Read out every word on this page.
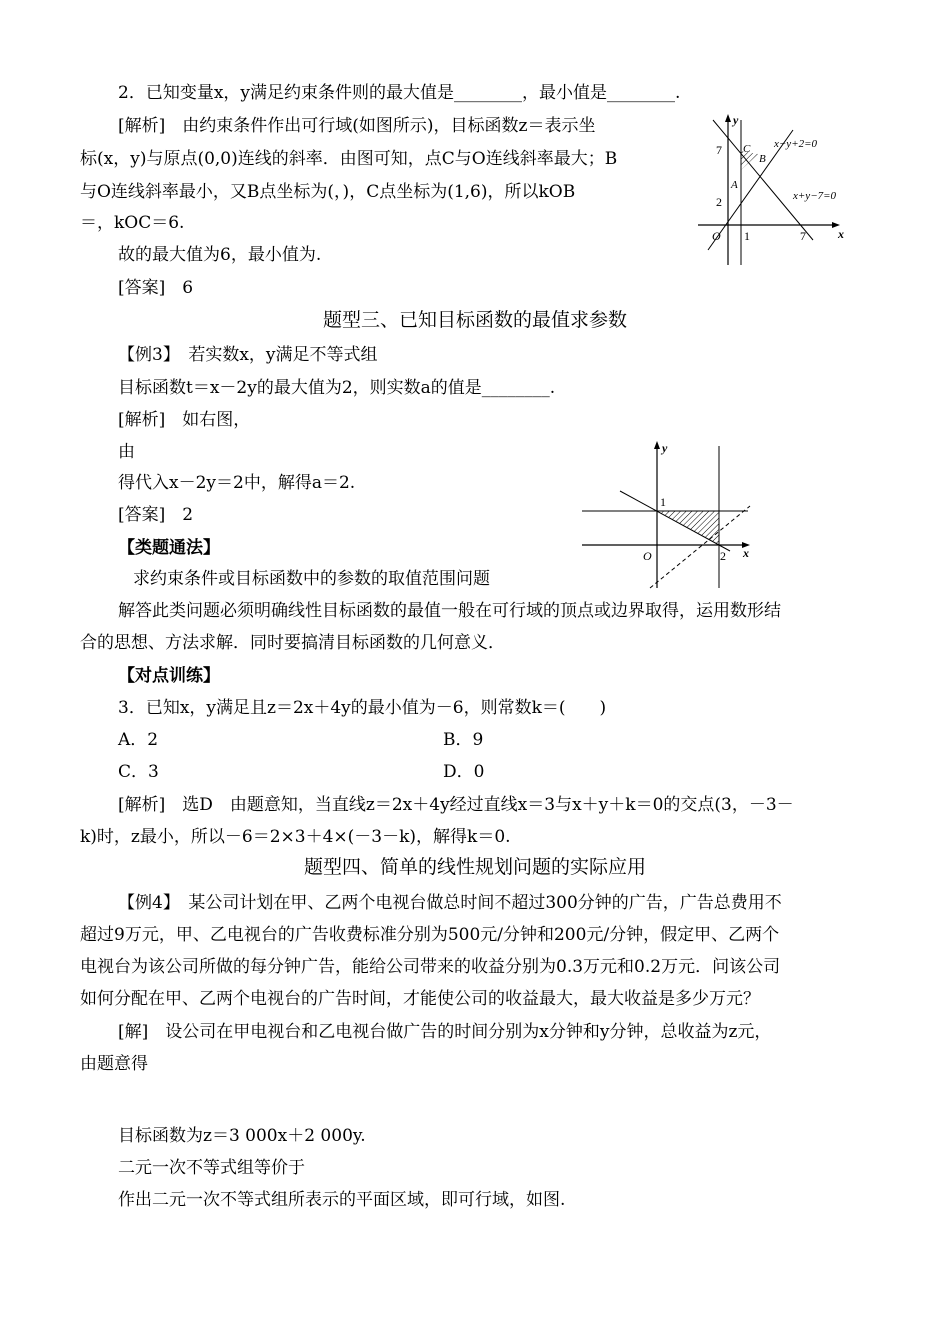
2．已知变量x，y满足约束条件则的最大值是________，最小值是________.
[解析]　由约束条件作出可行域(如图所示)，目标函数z＝表示坐
标(x，y)与原点(0,0)连线的斜率．由图可知，点C与O连线斜率最大；B
与O连线斜率最小，又B点坐标为(，)，C点坐标为(1,6)，所以kOB
＝，kOC＝6.
故的最大值为6，最小值为.
[答案]　6
y
x
O
7
2
1	7
C
B
A
x−y+2=0
x+y−7=0
题型三、已知目标函数的最值求参数
【例3】　若实数x，y满足不等式组
目标函数t＝x－2y的最大值为2，则实数a的值是________.
[解析]　如右图，
由
得代入x－2y＝2中，解得a＝2.
[答案]　2
y
x
O
1
2
【类题通法】
求约束条件或目标函数中的参数的取值范围问题
解答此类问题必须明确线性目标函数的最值一般在可行域的顶点或边界取得，运用数形结
合的思想、方法求解．同时要搞清目标函数的几何意义．
【对点训练】
3．已知x，y满足且z＝2x＋4y的最小值为－6，则常数k＝(　　)
A．2	B．9
C．3	D．0
[解析]　选D　由题意知，当直线z＝2x＋4y经过直线x＝3与x＋y＋k＝0的交点(3，－3－
k)时，z最小，所以－6＝2×3＋4×(－3－k)，解得k＝0.
题型四、简单的线性规划问题的实际应用
【例4】　某公司计划在甲、乙两个电视台做总时间不超过300分钟的广告，广告总费用不
超过9万元，甲、乙电视台的广告收费标准分别为500元/分钟和200元/分钟，假定甲、乙两个
电视台为该公司所做的每分钟广告，能给公司带来的收益分别为0.3万元和0.2万元．问该公司
如何分配在甲、乙两个电视台的广告时间，才能使公司的收益最大，最大收益是多少万元？
[解]　设公司在甲电视台和乙电视台做广告的时间分别为x分钟和y分钟，总收益为z元，
由题意得
目标函数为z＝3 000x＋2 000y.
二元一次不等式组等价于
作出二元一次不等式组所表示的平面区域，即可行域，如图.
